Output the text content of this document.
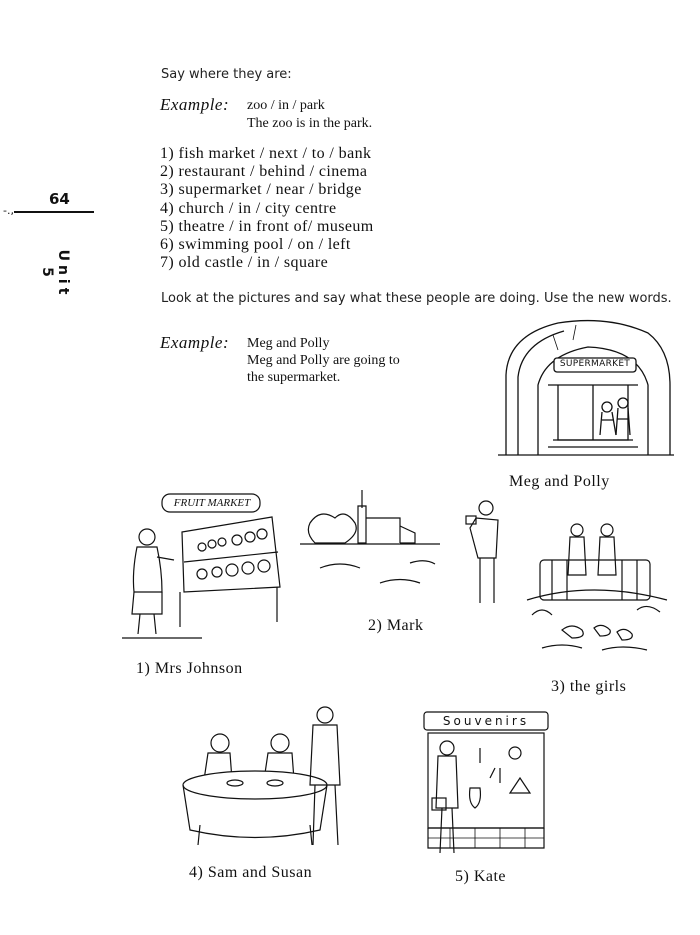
64
-.,
Unit 5
Say where they are:
Example: zoo / in / park
The zoo is in the park.
1) fish market / next / to / bank
2) restaurant / behind / cinema
3) supermarket / near / bridge
4) church / in / city centre
5) theatre / in front of/ museum
6) swimming pool / on / left
7) old castle / in / square
Look at the pictures and say what these people are doing. Use the new words.
Example: Meg and Polly
Meg and Polly are going to
the supermarket.
SUPERMARKET
Meg and Polly
FRUIT MARKET
1) Mrs Johnson
2) Mark
3) the girls
4) Sam and Susan
Souvenirs
5) Kate
